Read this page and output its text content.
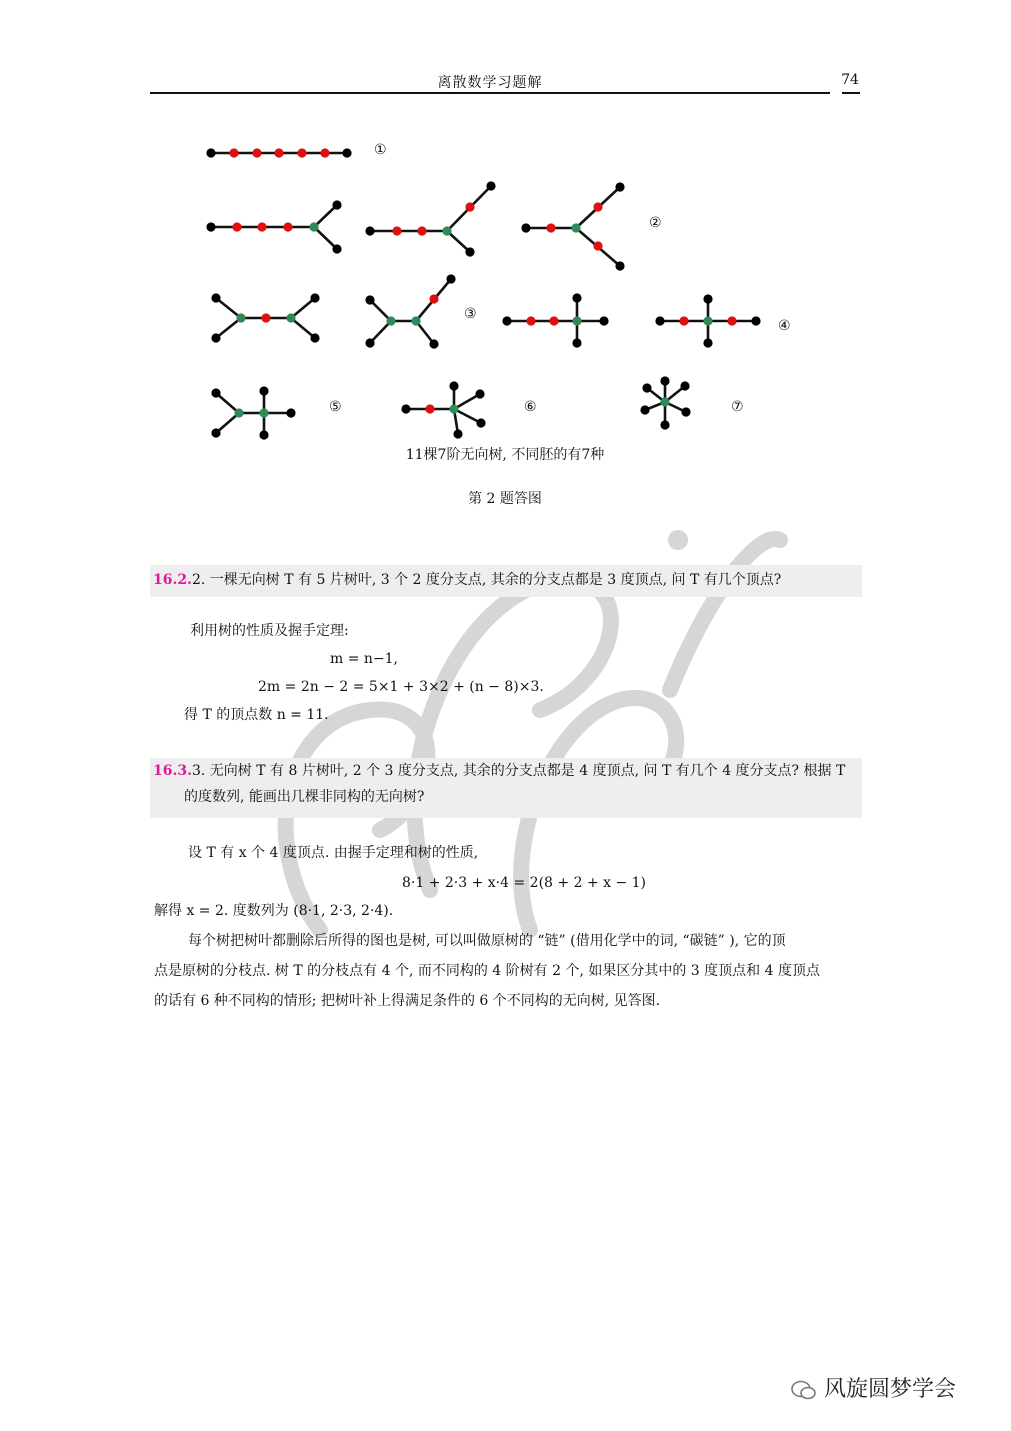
离散数学习题解	74
①
②
③
④
⑤	⑥	⑦
11棵7阶无向树, 不同胚的有7种
第 2 题答图
16.2.2. 一棵无向树 T 有 5 片树叶, 3 个 2 度分支点, 其余的分支点都是 3 度顶点, 问 T 有几个顶点?
利用树的性质及握手定理:
m = n−1,
2m = 2n − 2 = 5×1 + 3×2 + (n − 8)×3.
得 T 的顶点数 n = 11.
16.3.3. 无向树 T 有 8 片树叶, 2 个 3 度分支点, 其余的分支点都是 4 度顶点, 问 T 有几个 4 度分支点? 根据 T
的度数列, 能画出几棵非同构的无向树?
设 T 有 x 个 4 度顶点. 由握手定理和树的性质,
8·1 + 2·3 + x·4 = 2(8 + 2 + x − 1)
解得 x = 2. 度数列为 (8·1, 2·3, 2·4).
每个树把树叶都删除后所得的图也是树, 可以叫做原树的 “链” (借用化学中的词, “碳链” ), 它的顶
点是原树的分枝点. 树 T 的分枝点有 4 个, 而不同构的 4 阶树有 2 个, 如果区分其中的 3 度顶点和 4 度顶点
的话有 6 种不同构的情形; 把树叶补上得满足条件的 6 个不同构的无向树, 见答图.
风旋圆梦学会
